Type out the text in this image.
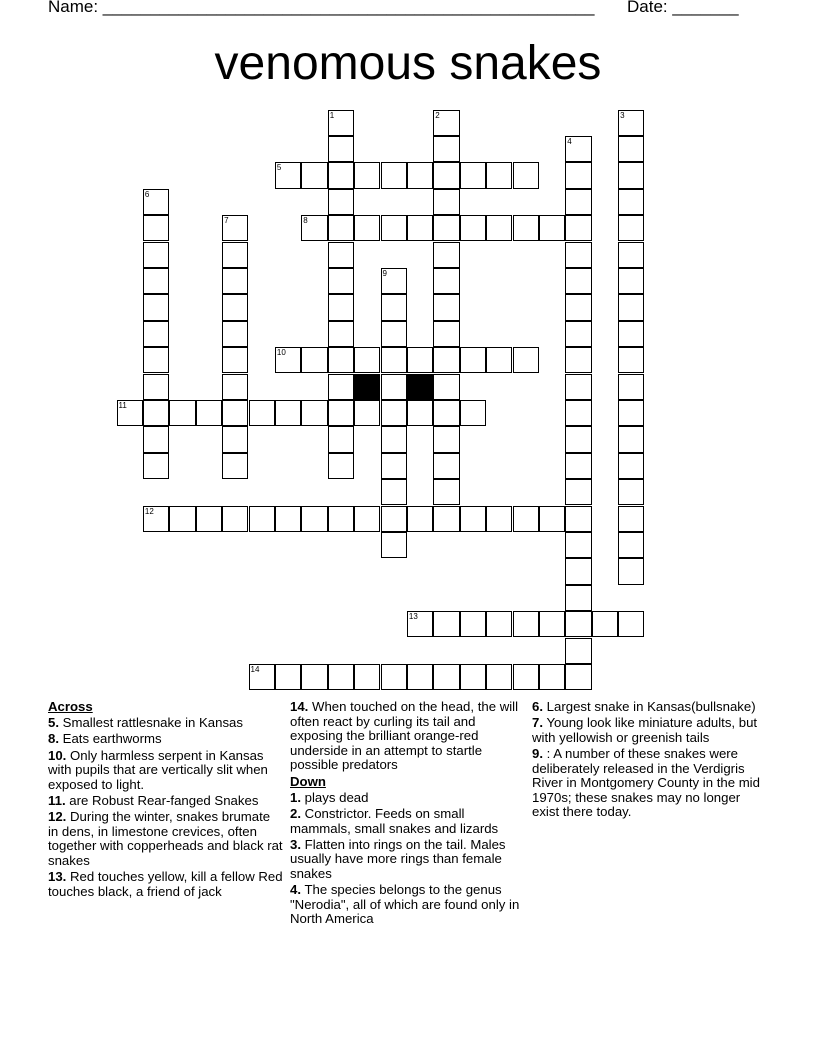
Name: ____________________________________________________ Date: _______
venomous snakes
1	2	3
4
5
6
7	8
9
10
11
12
13
14
Across
5. Smallest rattlesnake in Kansas
8. Eats earthworms
10. Only harmless serpent in Kansas with pupils that are vertically slit when exposed to light.
11. are Robust Rear-fanged Snakes
12. During the winter, snakes brumate in dens, in limestone crevices, often together with copperheads and black rat snakes
13. Red touches yellow, kill a fellow Red touches black, a friend of jack
14. When touched on the head, the will often react by curling its tail and exposing the brilliant orange-red underside in an attempt to startle possible predators
Down
1. plays dead
2. Constrictor. Feeds on small mammals, small snakes and lizards
3. Flatten into rings on the tail. Males usually have more rings than female snakes
4. The species belongs to the genus "Nerodia", all of which are found only in North America
6. Largest snake in Kansas(bullsnake)
7. Young look like miniature adults, but with yellowish or greenish tails
9. : A number of these snakes were deliberately released in the Verdigris River in Montgomery County in the mid 1970s; these snakes may no longer exist there today.
